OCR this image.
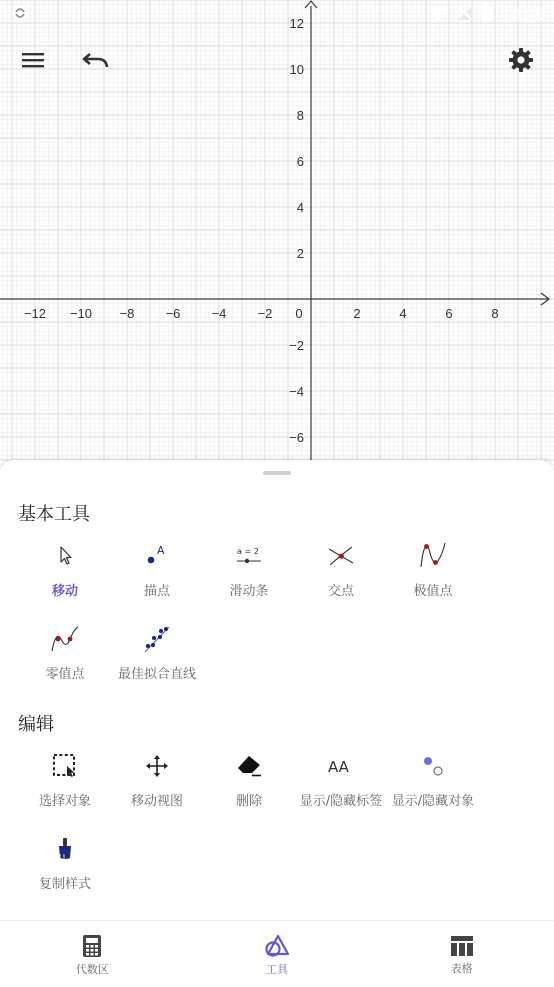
−12 −10 −8 −6 −4 −2 0	2	4	6	8
12
10
8
6
4
2
−2
−4
−6
10:25
基本工具
移动
A
描点
a = 2
滑动条	交点	极值点
零值点	最佳拟合直线
编辑
选择对象	移动视图	删除
AA
显示/隐藏标签 显示/隐藏对象
复制样式
代数区	工具	表格
